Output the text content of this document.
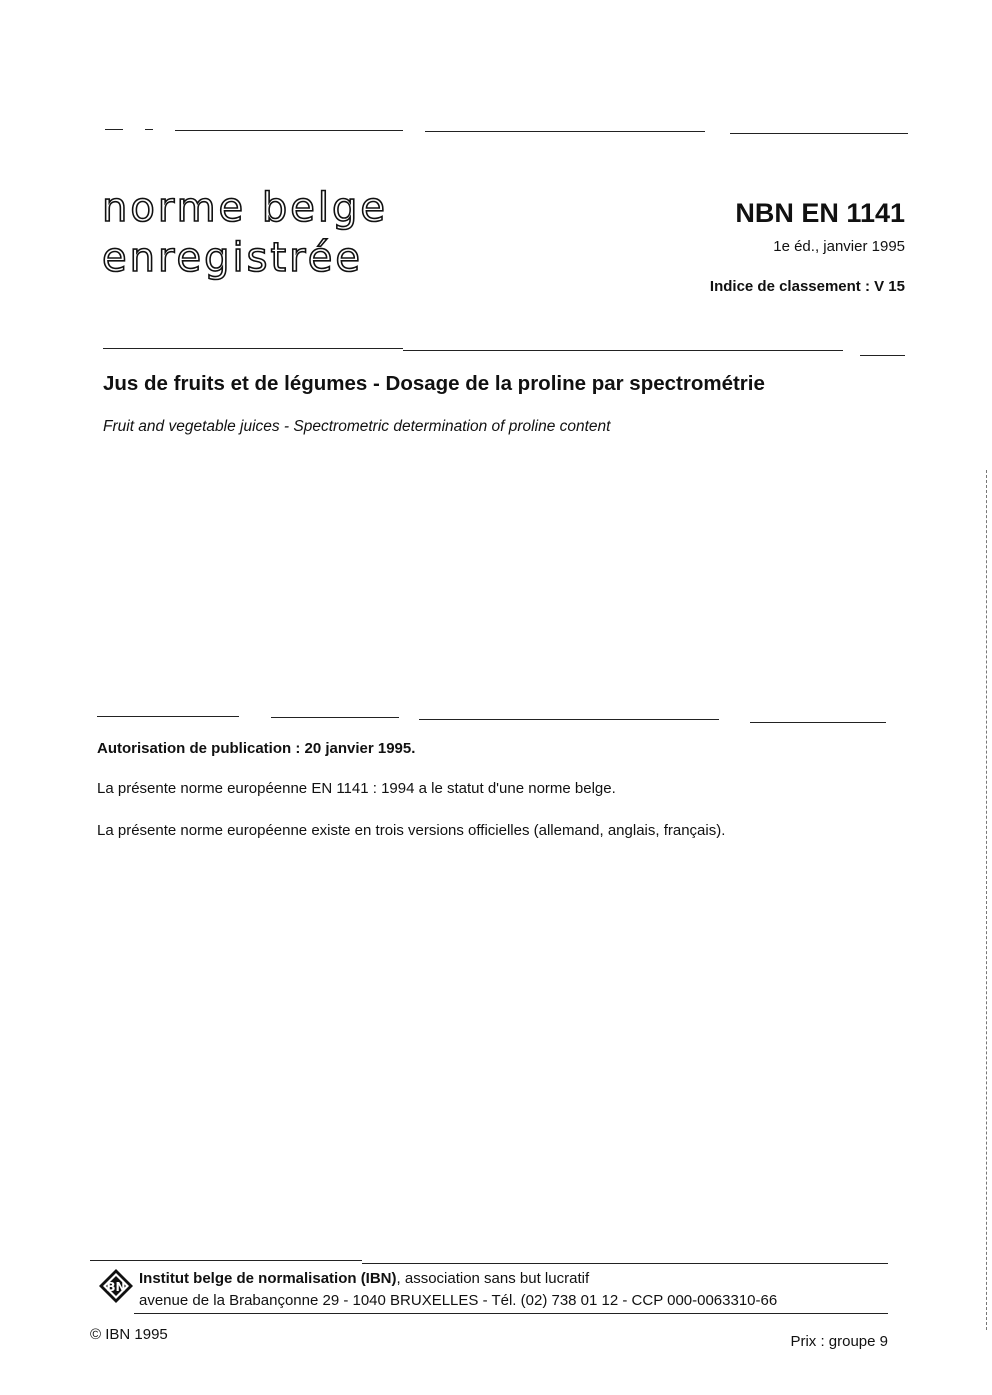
norme belge
enregistrée
NBN EN 1141
1e éd., janvier 1995
Indice de classement : V 15
Jus de fruits et de légumes - Dosage de la proline par spectrométrie
Fruit and vegetable juices - Spectrometric determination of proline content
Autorisation de publication : 20 janvier 1995.
La présente norme européenne EN 1141 : 1994 a le statut d'une norme belge.
La présente norme européenne existe en trois versions officielles (allemand, anglais, français).
BN Institut belge de normalisation (IBN), association sans but lucratif
avenue de la Brabançonne 29 - 1040 BRUXELLES - Tél. (02) 738 01 12 - CCP 000-0063310-66
© IBN 1995	Prix : groupe 9
